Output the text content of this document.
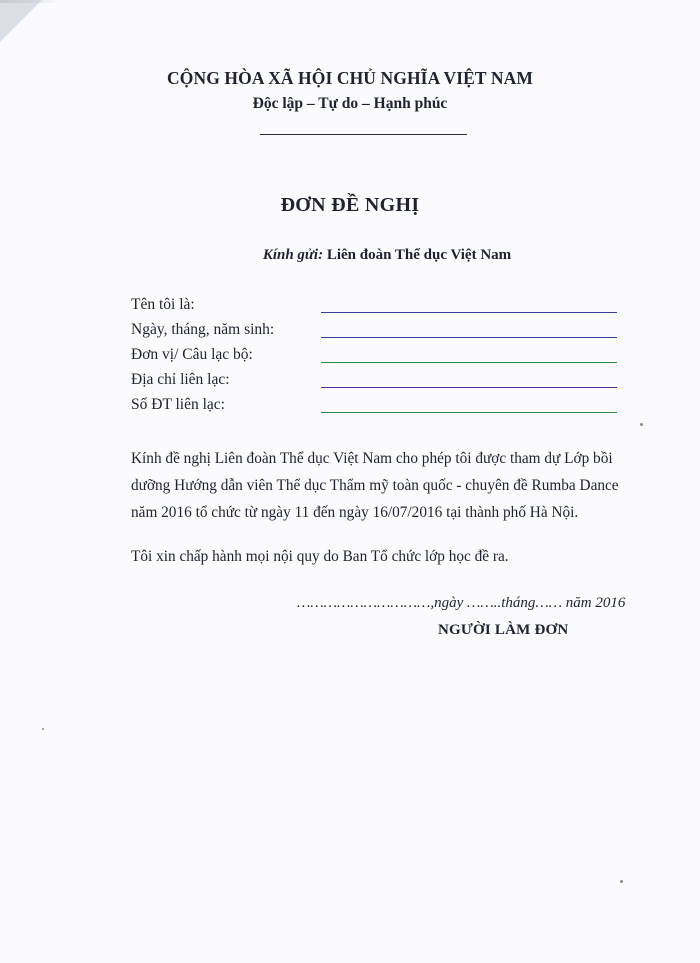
CỘNG HÒA XÃ HỘI CHỦ NGHĨA VIỆT NAM
Độc lập – Tự do – Hạnh phúc
ĐƠN ĐỀ NGHỊ
Kính gửi: Liên đoàn Thể dục Việt Nam
Tên tôi là:
Ngày, tháng, năm sinh:
Đơn vị/ Câu lạc bộ:
Địa chỉ liên lạc:
Số ĐT liên lạc:
Kính đề nghị Liên đoàn Thể dục Việt Nam cho phép tôi được tham dự Lớp bồi
dưỡng Hướng dẫn viên Thể dục Thẩm mỹ toàn quốc - chuyên đề Rumba Dance
năm 2016 tổ chức từ ngày 11 đến ngày 16/07/2016 tại thành phố Hà Nội.
Tôi xin chấp hành mọi nội quy do Ban Tổ chức lớp học đề ra.
…………………………,ngày ……..tháng…… năm 2016
NGƯỜI LÀM ĐƠN
